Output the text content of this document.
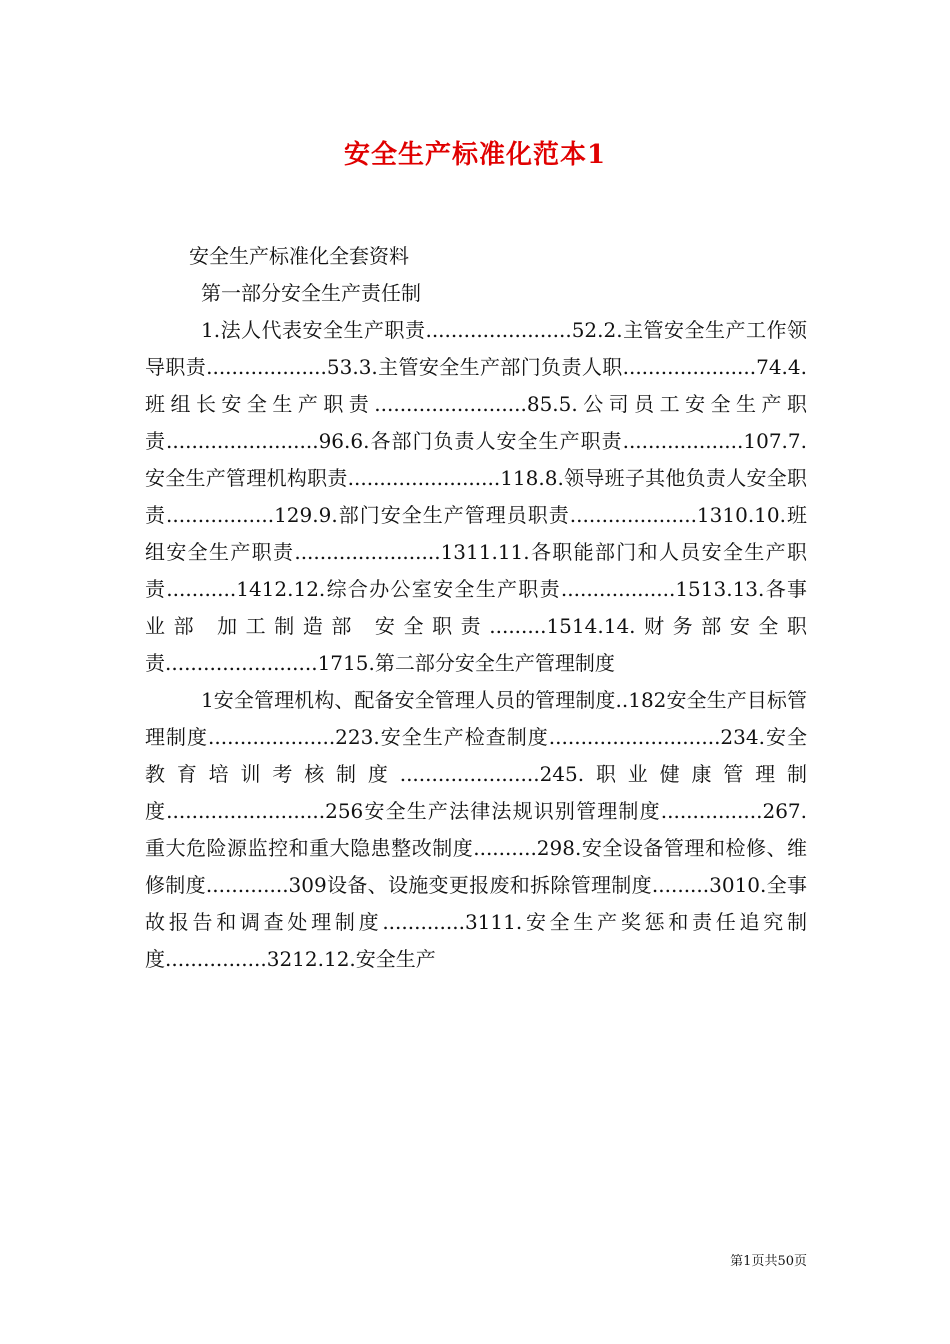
安全生产标准化范本1

安全生产标准化全套资料

第一部分安全生产责任制

1.法人代表安全生产职责.......................52.2.主管安全生产工作领导职责...................53.3.主管安全生产部门负责人职.....................74.4.班组长安全生产职责........................85.5.公司员工安全生产职责........................96.6.各部门负责人安全生产职责...................107.7.安全生产管理机构职责........................118.8.领导班子其他负责人安全职责.................129.9.部门安全生产管理员职责....................1310.10.班组安全生产职责.......................1311.11.各职能部门和人员安全生产职责...........1412.12.综合办公室安全生产职责..................1513.13.各事业部 加工制造部 安全职责.........1514.14.财务部安全职责........................1715.第二部分安全生产管理制度

1安全管理机构、配备安全管理人员的管理制度..182安全生产目标管理制度....................223.安全生产检查制度...........................234.安全教育培训考核制度......................245.职业健康管理制度.........................256安全生产法律法规识别管理制度................267.重大危险源监控和重大隐患整改制度..........298.安全设备管理和检修、维修制度.............309设备、设施变更报废和拆除管理制度.........3010.全事故报告和调查处理制度.............3111.安全生产奖惩和责任追究制度................3212.12.安全生产

第1页共50页
